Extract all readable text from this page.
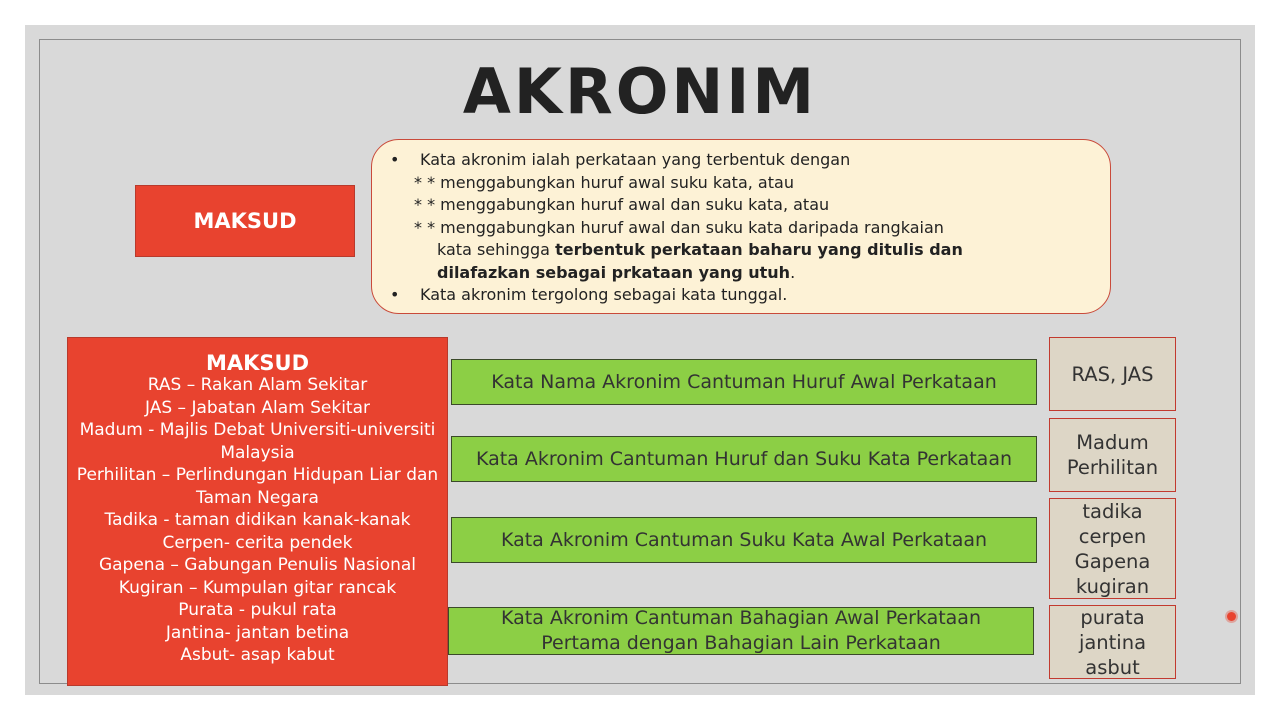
AKRONIM
MAKSUD
• Kata akronim ialah perkataan yang terbentuk dengan
* * menggabungkan huruf awal suku kata, atau
* * menggabungkan huruf awal dan suku kata, atau
* * menggabungkan huruf awal dan suku kata daripada rangkaian
kata sehingga terbentuk perkataan baharu yang ditulis dan
dilafazkan sebagai prkataan yang utuh.
• Kata akronim tergolong sebagai kata tunggal.
MAKSUD
RAS – Rakan Alam Sekitar
JAS – Jabatan Alam Sekitar
Madum - Majlis Debat Universiti-universiti
Malaysia
Perhilitan – Perlindungan Hidupan Liar dan
Taman Negara
Tadika - taman didikan kanak-kanak
Cerpen- cerita pendek
Gapena – Gabungan Penulis Nasional
Kugiran – Kumpulan gitar rancak
Purata - pukul rata
Jantina- jantan betina
Asbut- asap kabut
Kata Nama Akronim Cantuman Huruf Awal Perkataan
Kata Akronim Cantuman Huruf dan Suku Kata Perkataan
Kata Akronim Cantuman Suku Kata Awal Perkataan
Kata Akronim Cantuman Bahagian Awal Perkataan
Pertama dengan Bahagian Lain Perkataan
RAS, JAS
Madum
Perhilitan
tadika
cerpen
Gapena
kugiran
purata
jantina
asbut
